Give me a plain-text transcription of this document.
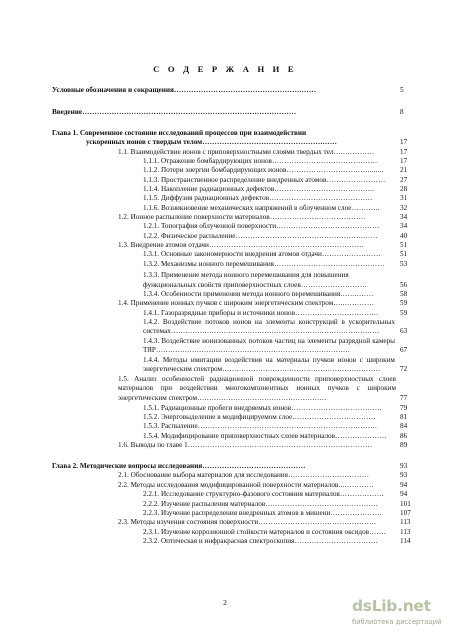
С О Д Е Р Ж А Н И Е
Условные обозначения и сокращения…………………………………………….……	5
Введение……………………………………………………………………………	8
Глава 1. Современное состояние исследований процессов при взаимодействии
ускоренных ионов с твердым телом………………………………………….……	17
1.1. Взаимодействие ионов с приповерхностными слоями твердых тел…..…………	17
1.1.1. Отражение бомбардирующих ионов……………………………….……	17
1.1.2. Потери энергии бомбардирующих ионов……………………………........	21
1.1.3. Пространственное распределение внедренных атомов……………………	27
1.1.4. Накопление радиационных дефектов…………………………………..	28
1.1.5. Диффузия радиационных дефектов……………………………………	31
1.1.6. Возникновение механических напряжений в облученном слое…….…..	32
1.2. Ионное распыление поверхности материалов…………………………………	34
1.2.1. Топография облученной поверхности……………………………………	34
1.2.2. Физическое распыление…………………………………………….……	40
1.3. Внедрение атомов отдачи………………………………………………………	51
1.3.1. Основные закономерности внедрения атомов отдачи……………………	51
1.3.2. Механизмы ионного перемешивания………………………………………	53
1.3.3. Применение метода ионного перемешивания для повышения
функциональных свойств приповерхностных слоев………………………	56
1.3.4. Особенности применения метода ионного перемешивания……..……	58
1.4. Применение ионных пучков с широким энергетическим спектром…..…………	59
1.4.1. Газоразрядные приборы и источники ионов…………………………….	59
1.4.2. Воздействие потоков ионов на элементы конструкций в ускорительных системах……………………………………………………………………………	63
1.4.3. Воздействие ионизованных потоков частиц на элементы разрядной камеры ТЯР………………………………………………………………………	67
1.4.4. Методы имитации воздействия на материалы пучков ионов с широким энергетическим спектром…………………………………………………………	72
1.5. Анализ особенностей радиационной поврежденности приповерхностных слоев материалов при воздействии многокомпонентных ионных пучков с широким энергетическим спектром………………………………………………	77
1.5.1. Радиационные пробеги внедряемых ионов……………………………….	79
1.5.2. Энерговыделение в модифицируемом слое…………………………….	81
1.5.3. Распыление……………………………………………………………….	84
1.5.4. Модифицирование приповерхностных слоев материалов…………………	86
1.6. Выводы по главе 1…………………………………………………………………	89
Глава 2. Методические вопросы исследования……………………………………	93
2.1. Обоснование выбора материалов для исследования……………………………	93
2.2. Методы исследования модифицированной поверхности материалов...…………	94
2.2.1. Исследование структурно-фазового состояния материалов………………	94
2.2.2. Изучение распыления материалов…………………………………….…	101
2.2.3. Изучение распределения внедренных атомов в мишени…………………	107
2.3. Методы изучения состояния поверхности…………………………………………	113
2.3.1. Изучение коррозионной стойкости материалов и состояния оксидов…….	113
2.3.2. Оптическая и инфракрасная спектроскопия…………………………….	114
2	dsLib.net
библиотека диссертаций
